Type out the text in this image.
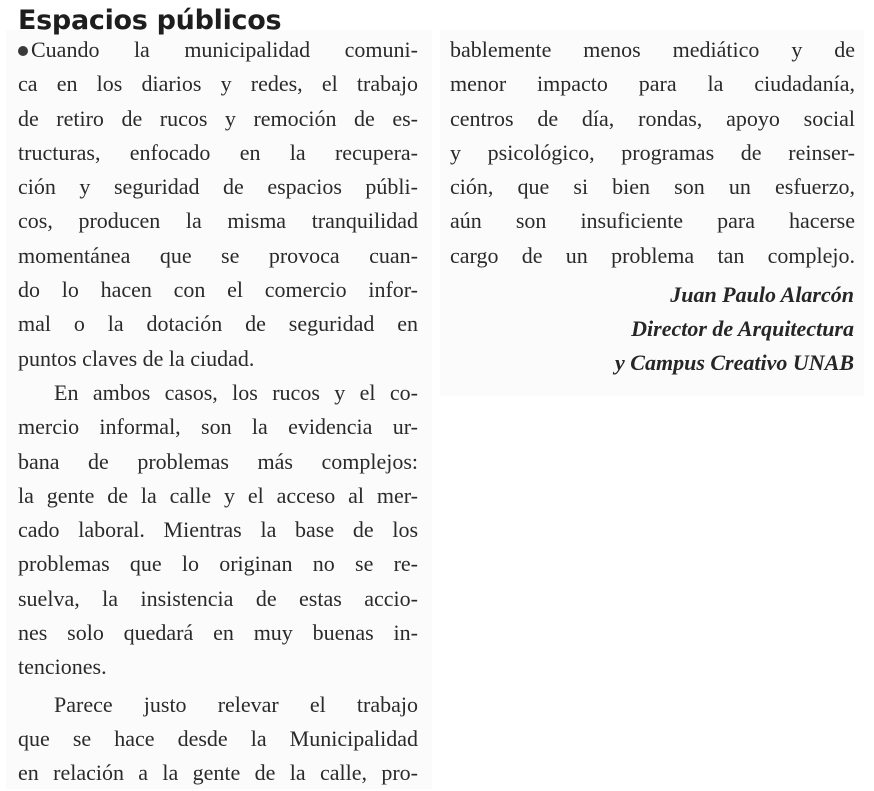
Espacios públicos
Cuando la municipalidad comuni-
ca en los diarios y redes, el trabajo
de retiro de rucos y remoción de es-
tructuras, enfocado en la recupera-
ción y seguridad de espacios públi-
cos, producen la misma tranquilidad
momentánea que se provoca cuan-
do lo hacen con el comercio infor-
mal o la dotación de seguridad en
puntos claves de la ciudad.
En ambos casos, los rucos y el co-
mercio informal, son la evidencia ur-
bana de problemas más complejos:
la gente de la calle y el acceso al mer-
cado laboral. Mientras la base de los
problemas que lo originan no se re-
suelva, la insistencia de estas accio-
nes solo quedará en muy buenas in-
tenciones.
Parece justo relevar el trabajo
que se hace desde la Municipalidad
en relación a la gente de la calle, pro-
bablemente menos mediático y de
menor impacto para la ciudadanía,
centros de día, rondas, apoyo social
y psicológico, programas de reinser-
ción, que si bien son un esfuerzo,
aún son insuficiente para hacerse
cargo de un problema tan complejo.
Juan Paulo Alarcón
Director de Arquitectura
y Campus Creativo UNAB
